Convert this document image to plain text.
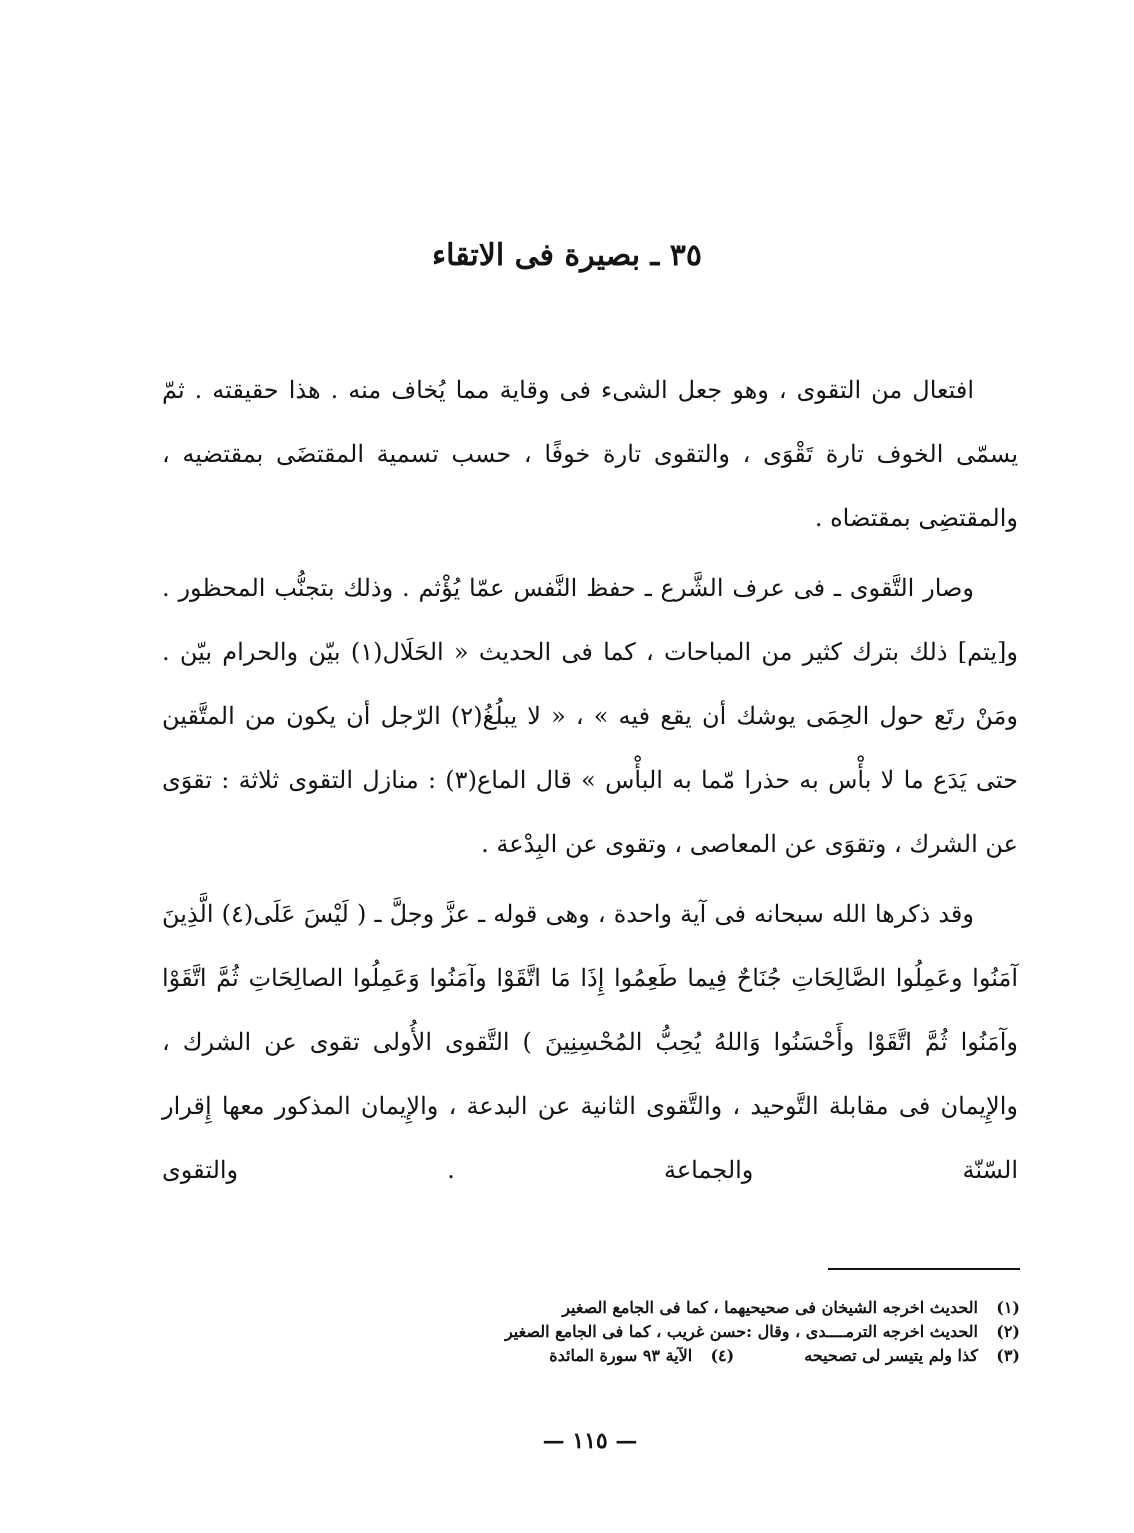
٣٥ ـ بصيرة فى الاتقاء

افتعال من التقوى ، وهو جعل الشىء فى وقاية مما يُخاف منه . هذا حقيقته . ثمّ يسمّى الخوف تارة تَقْوَى ، والتقوى تارة خوفًا ، حسب تسمية المقتضَى بمقتضيه ، والمقتضِى بمقتضاه .

وصار التَّقوى ـ فى عرف الشَّرع ـ حفظ النَّفس عمّا يُؤْثم . وذلك بتجنُّب المحظور . و[يتم] ذلك بترك كثير من المباحات ، كما فى الحديث « الحَلَال(١) بيّن والحرام بيّن . ومَنْ رتَع حول الحِمَى يوشك أن يقع فيه » ، « لا يبلُغُ(٢) الرّجل أن يكون من المتَّقين حتى يَدَع ما لا بأْس به حذرا مّما به البأْس » قال الماع(٣) : منازل التقوى ثلاثة : تقوَى عن الشرك ، وتقوَى عن المعاصى ، وتقوى عن البِدْعة .

وقد ذكرها الله سبحانه فى آية واحدة ، وهى قوله ـ عزَّ وجلَّ ـ ( لَيْسَ عَلَى(٤) الَّذِينَ آمَنُوا وعَمِلُوا الصَّالِحَاتِ جُنَاحٌ فِيما طَعِمُوا إِذَا مَا اتَّقَوْا وآمَنُوا وَعَمِلُوا الصالِحَاتِ ثُمَّ اتَّقَوْا وآمَنُوا ثُمَّ اتَّقَوْا وأَحْسَنُوا وَاللهُ يُحِبُّ المُحْسِنِينَ ) التَّقوى الأُولى تقوى عن الشرك ، والإِيمان فى مقابلة التَّوحيد ، والتَّقوى الثانية عن البدعة ، والإِيمان المذكور معها إِقرار السّنّة والجماعة . والتقوى

(١)
الحديث اخرجه الشيخان فى صحيحيهما ، كما فى الجامع الصغير
(٢)
الحديث اخرجه الترمــــدى ، وقال :حسن غريب ، كما فى الجامع الصغير
(٣)
كذا ولم يتيسر لى تصحيحه
(٤)
الآية ٩٣ سورة المائدة
— ١١٥ —
